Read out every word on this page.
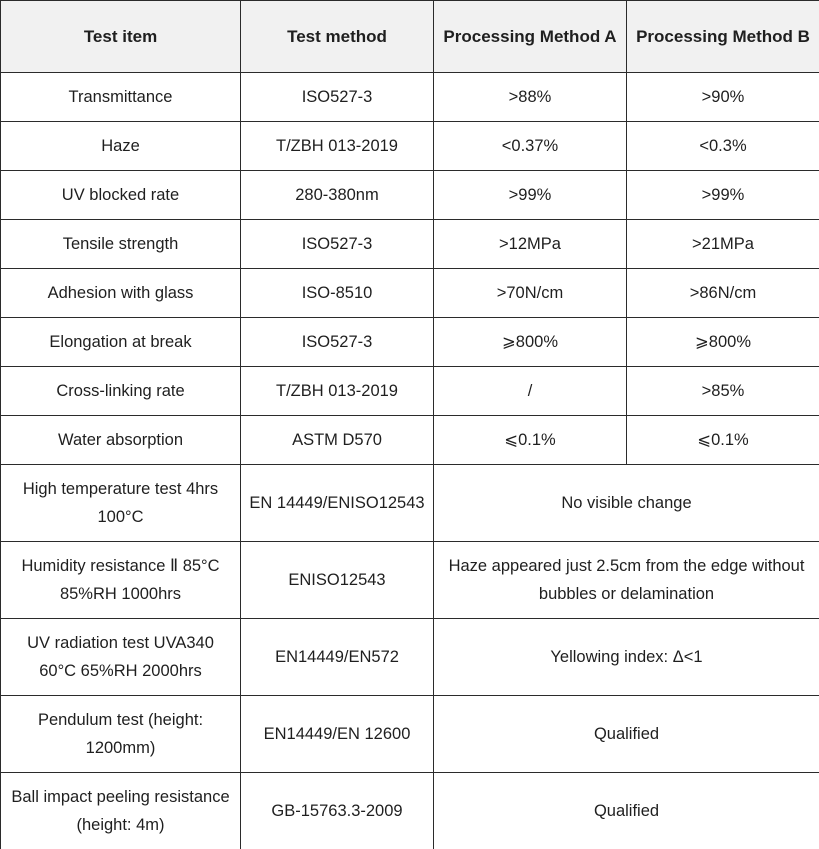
Test item	Test method	Processing Method A	Processing Method B
Transmittance	ISO527-3	>88%	>90%
Haze	T/ZBH 013-2019	<0.37%	<0.3%
UV blocked rate	280-380nm	>99%	>99%
Tensile strength	ISO527-3	>12MPa	>21MPa
Adhesion with glass	ISO-8510	>70N/cm	>86N/cm
Elongation at break	ISO527-3	⩾800%	⩾800%
Cross-linking rate	T/ZBH 013-2019	/	>85%
Water absorption	ASTM D570	⩽0.1%	⩽0.1%
High temperature test 4hrs 100°C	EN 14449/ENISO12543	No visible change	
Humidity resistance Ⅱ 85°C 85%RH 1000hrs	ENISO12543	Haze appeared just 2.5cm from the edge without bubbles or delamination	
UV radiation test UVA340 60°C 65%RH 2000hrs	EN14449/EN572	Yellowing index: Δ<1	
Pendulum test (height: 1200mm)	EN14449/EN 12600	Qualified	
Ball impact peeling resistance (height: 4m)	GB-15763.3-2009	Qualified	
